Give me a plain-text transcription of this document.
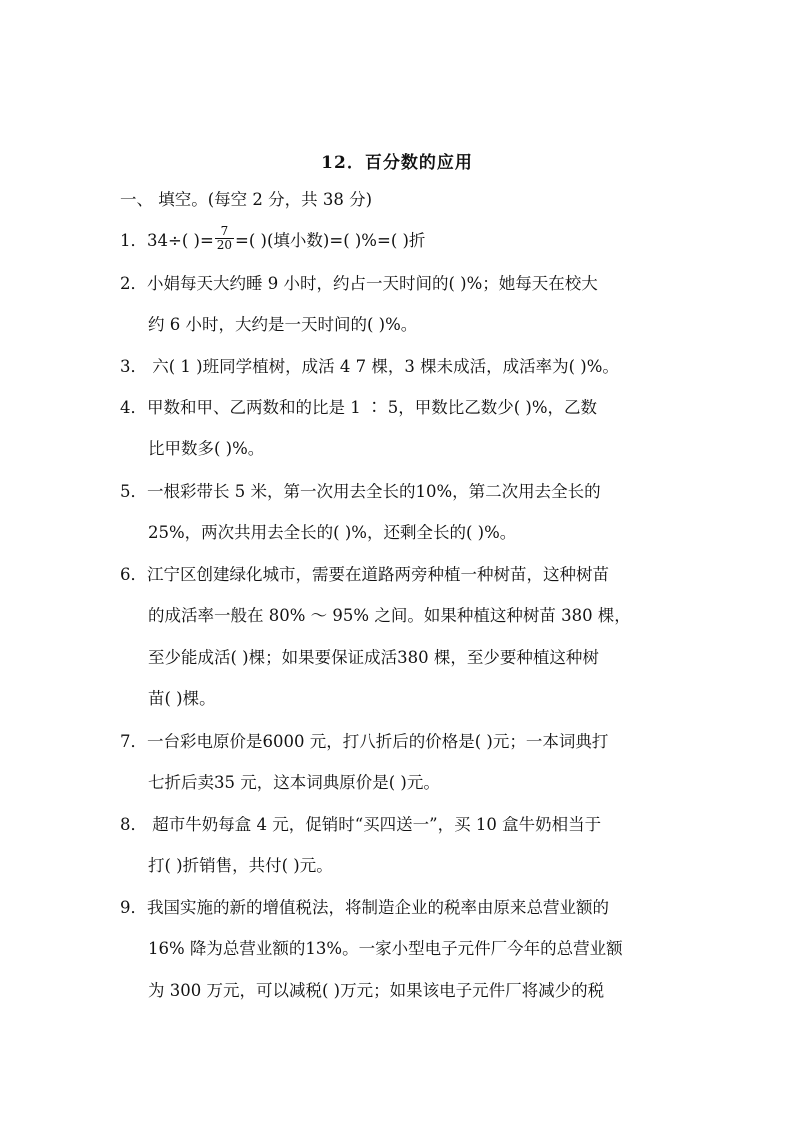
12．百分数的应用
一、 填空。(每空 2 分，共 38 分)
1．34÷( )= $\frac{7}{20}$ =( )(填小数)=( )%=( )折
2．小娟每天大约睡 9 小时，约占一天时间的( )%；她每天在校大
约 6 小时，大约是一天时间的( )%。
3． 六( 1 )班同学植树，成活 4 7 棵，3 棵未成活，成活率为( )%。
4．甲数和甲、乙两数和的比是 1 ∶ 5，甲数比乙数少( )%，乙数
比甲数多( )%。
5．一根彩带长 5 米，第一次用去全长的10%，第二次用去全长的
25%，两次共用去全长的( )%，还剩全长的( )%。
6．江宁区创建绿化城市，需要在道路两旁种植一种树苗，这种树苗
的成活率一般在 80% ～ 95% 之间。如果种植这种树苗 380 棵，
至少能成活( )棵；如果要保证成活380 棵，至少要种植这种树
苗( )棵。
7．一台彩电原价是6000 元，打八折后的价格是( )元；一本词典打
七折后卖35 元，这本词典原价是( )元。
8． 超市牛奶每盒 4 元，促销时“买四送一”，买 10 盒牛奶相当于
打( )折销售，共付( )元。
9．我国实施的新的增值税法，将制造企业的税率由原来总营业额的
16% 降为总营业额的13%。一家小型电子元件厂今年的总营业额
为 300 万元，可以减税( )万元；如果该电子元件厂将减少的税
